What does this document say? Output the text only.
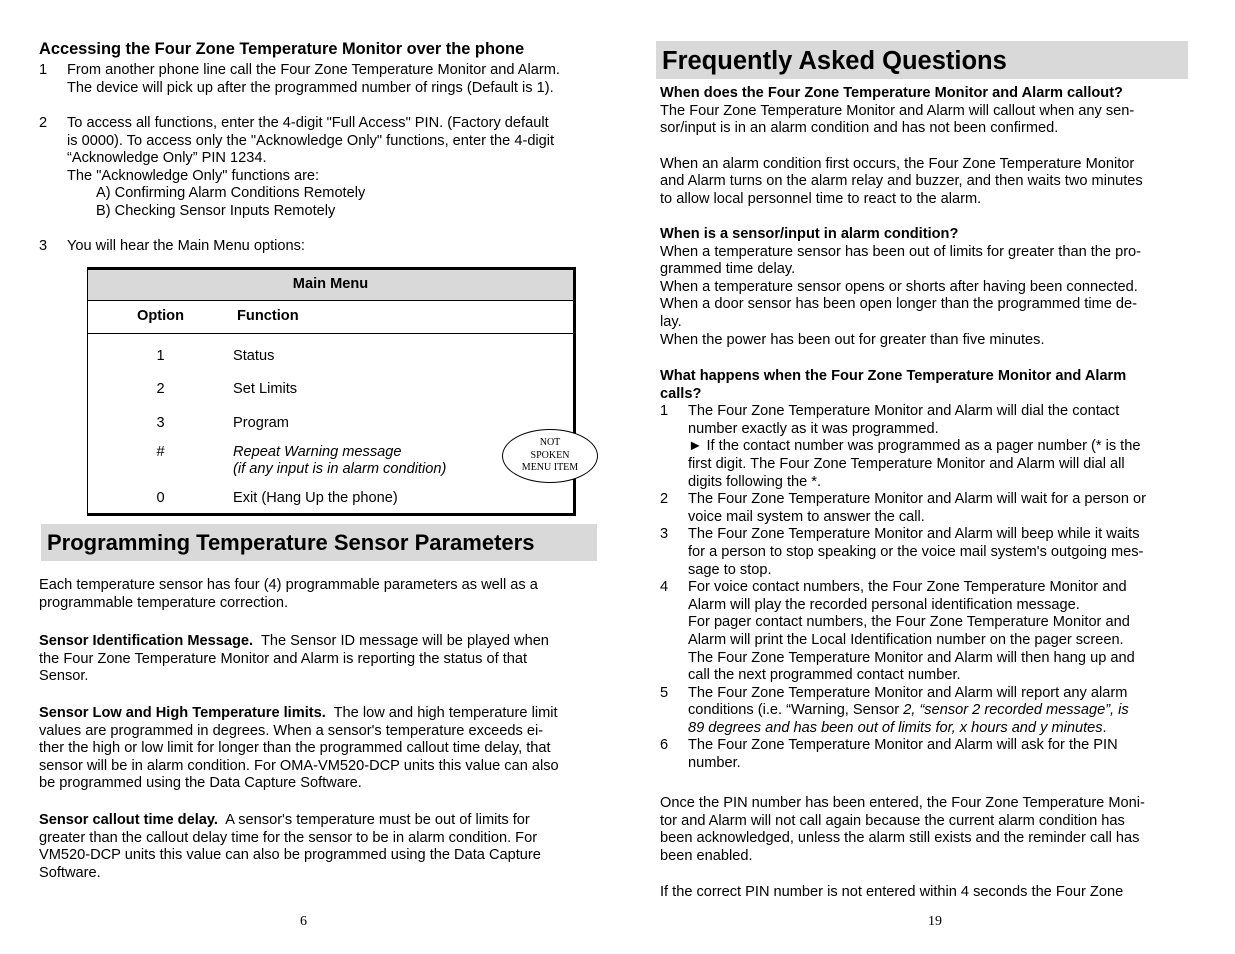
Accessing the Four Zone Temperature Monitor over the phone
1 From another phone line call the Four Zone Temperature Monitor and Alarm.

The device will pick up after the programmed number of rings (Default is 1).

2 To access all functions, enter the 4-digit "Full Access" PIN. (Factory default

is 0000). To access only the "Acknowledge Only" functions, enter the 4-digit

“Acknowledge Only” PIN 1234.

The "Acknowledge Only" functions are:

A) Confirming Alarm Conditions Remotely

B) Checking Sensor Inputs Remotely

3 You will hear the Main Menu options:

Main Menu	
Option	Function
1	Status
2	Set Limits
3	Program
#	Repeat Warning message
(if any input is in alarm condition)

0	Exit (Hang Up the phone)
NOT
SPOKEN
MENU ITEM
Programming Temperature Sensor Parameters

Each temperature sensor has four (4) programmable parameters as well as a

programmable temperature correction.

Sensor Identification Message.  The Sensor ID message will be played when

the Four Zone Temperature Monitor and Alarm is reporting the status of that

Sensor.

Sensor Low and High Temperature limits.  The low and high temperature limit

values are programmed in degrees. When a sensor's temperature exceeds ei-

ther the high or low limit for longer than the programmed callout time delay, that

sensor will be in alarm condition. For OMA-VM520-DCP units this value can also

be programmed using the Data Capture Software.

Sensor callout time delay.  A sensor's temperature must be out of limits for

greater than the callout delay time for the sensor to be in alarm condition. For

VM520-DCP units this value can also be programmed using the Data Capture

Software.

6
Frequently Asked Questions

When does the Four Zone Temperature Monitor and Alarm callout?

The Four Zone Temperature Monitor and Alarm will callout when any sen-

sor/input is in an alarm condition and has not been confirmed.

When an alarm condition first occurs, the Four Zone Temperature Monitor

and Alarm turns on the alarm relay and buzzer, and then waits two minutes

to allow local personnel time to react to the alarm.

When is a sensor/input in alarm condition?

When a temperature sensor has been out of limits for greater than the pro-

grammed time delay.

When a temperature sensor opens or shorts after having been connected.

When a door sensor has been open longer than the programmed time de-

lay.

When the power has been out for greater than five minutes.

What happens when the Four Zone Temperature Monitor and Alarm

calls?

1 The Four Zone Temperature Monitor and Alarm will dial the contact

number exactly as it was programmed.

► If the contact number was programmed as a pager number (* is the

first digit. The Four Zone Temperature Monitor and Alarm will dial all

digits following the *.

2 The Four Zone Temperature Monitor and Alarm will wait for a person or

voice mail system to answer the call.

3 The Four Zone Temperature Monitor and Alarm will beep while it waits

for a person to stop speaking or the voice mail system's outgoing mes-

sage to stop.

4 For voice contact numbers, the Four Zone Temperature Monitor and

Alarm will play the recorded personal identification message.

For pager contact numbers, the Four Zone Temperature Monitor and

Alarm will print the Local Identification number on the pager screen.

The Four Zone Temperature Monitor and Alarm will then hang up and

call the next programmed contact number.

5 The Four Zone Temperature Monitor and Alarm will report any alarm

conditions (i.e. “Warning, Sensor 2, “sensor 2 recorded message”, is

89 degrees and has been out of limits for, x hours and y minutes.

6 The Four Zone Temperature Monitor and Alarm will ask for the PIN

number.

Once the PIN number has been entered, the Four Zone Temperature Moni-

tor and Alarm will not call again because the current alarm condition has

been acknowledged, unless the alarm still exists and the reminder call has

been enabled.

If the correct PIN number is not entered within 4 seconds the Four Zone

19
